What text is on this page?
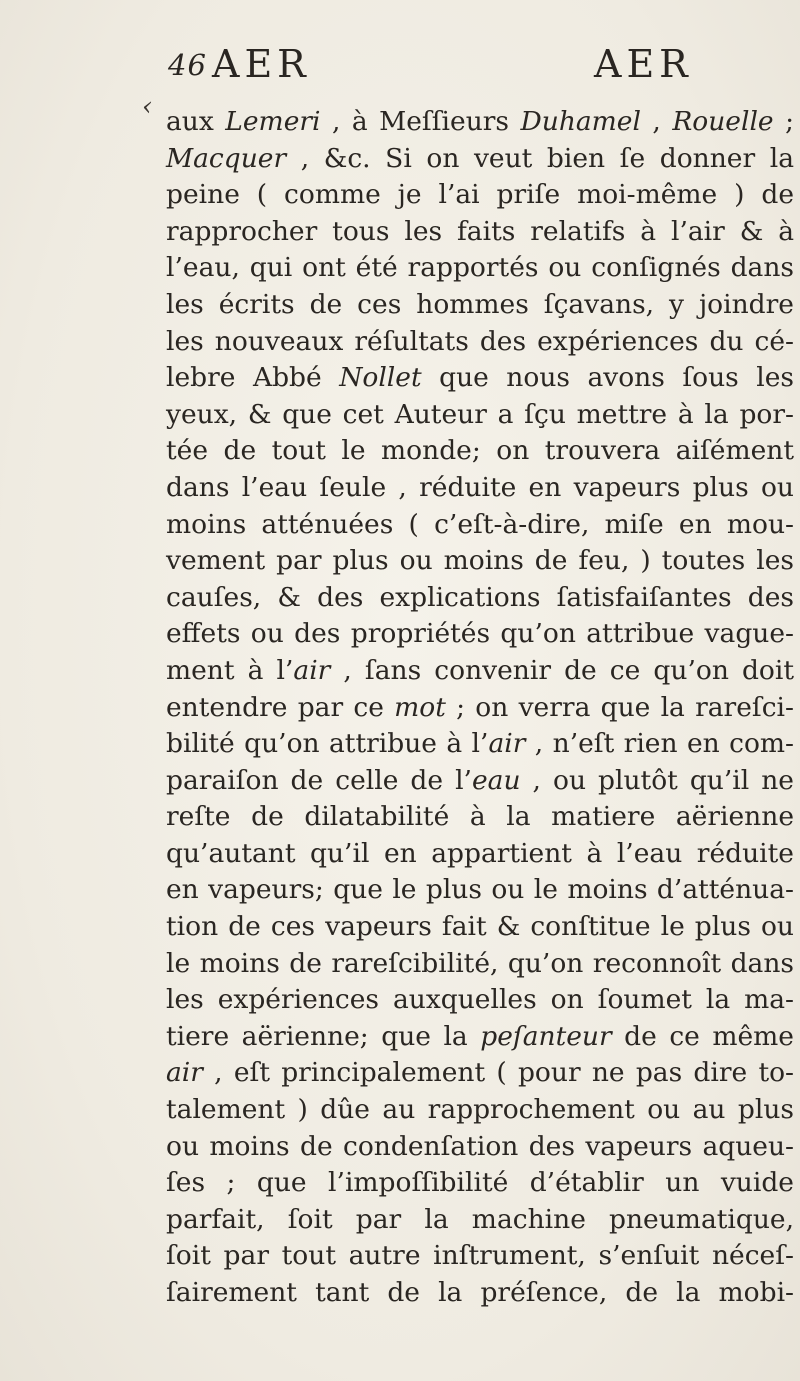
46 AER	AER
‹ aux Lemeri , à Meſſieurs Duhamel , Rouelle ;
Macquer , &c. Si on veut bien ſe donner la
peine ( comme je l’ai priſe moi-même ) de
rapprocher tous les faits relatifs à l’air & à
l’eau, qui ont été rapportés ou conſignés dans
les écrits de ces hommes ſçavans, y joindre
les nouveaux réſultats des expériences du cé-
lebre Abbé Nollet que nous avons ſous les
yeux, & que cet Auteur a ſçu mettre à la por-
tée de tout le monde; on trouvera aiſément
dans l’eau ſeule , réduite en vapeurs plus ou
moins atténuées ( c’eſt-à-dire, miſe en mou-
vement par plus ou moins de feu, ) toutes les
cauſes, & des explications ſatisfaiſantes des
effets ou des propriétés qu’on attribue vague-
ment à l’air , ſans convenir de ce qu’on doit
entendre par ce mot ; on verra que la rareſci-
bilité qu’on attribue à l’air , n’eſt rien en com-
paraiſon de celle de l’eau , ou plutôt qu’il ne
reſte de dilatabilité à la matiere aërienne
qu’autant qu’il en appartient à l’eau réduite
en vapeurs; que le plus ou le moins d’atténua-
tion de ces vapeurs fait & conſtitue le plus ou
le moins de rareſcibilité, qu’on reconnoît dans
les expériences auxquelles on ſoumet la ma-
tiere aërienne; que la peſanteur de ce même
air , eſt principalement ( pour ne pas dire to-
talement ) dûe au rapprochement ou au plus
ou moins de condenſation des vapeurs aqueu-
ſes ; que l’impoſſibilité d’établir un vuide
parfait, ſoit par la machine pneumatique,
ſoit par tout autre inſtrument, s’enſuit néceſ-
ſairement tant de la préſence, de la mobi-
